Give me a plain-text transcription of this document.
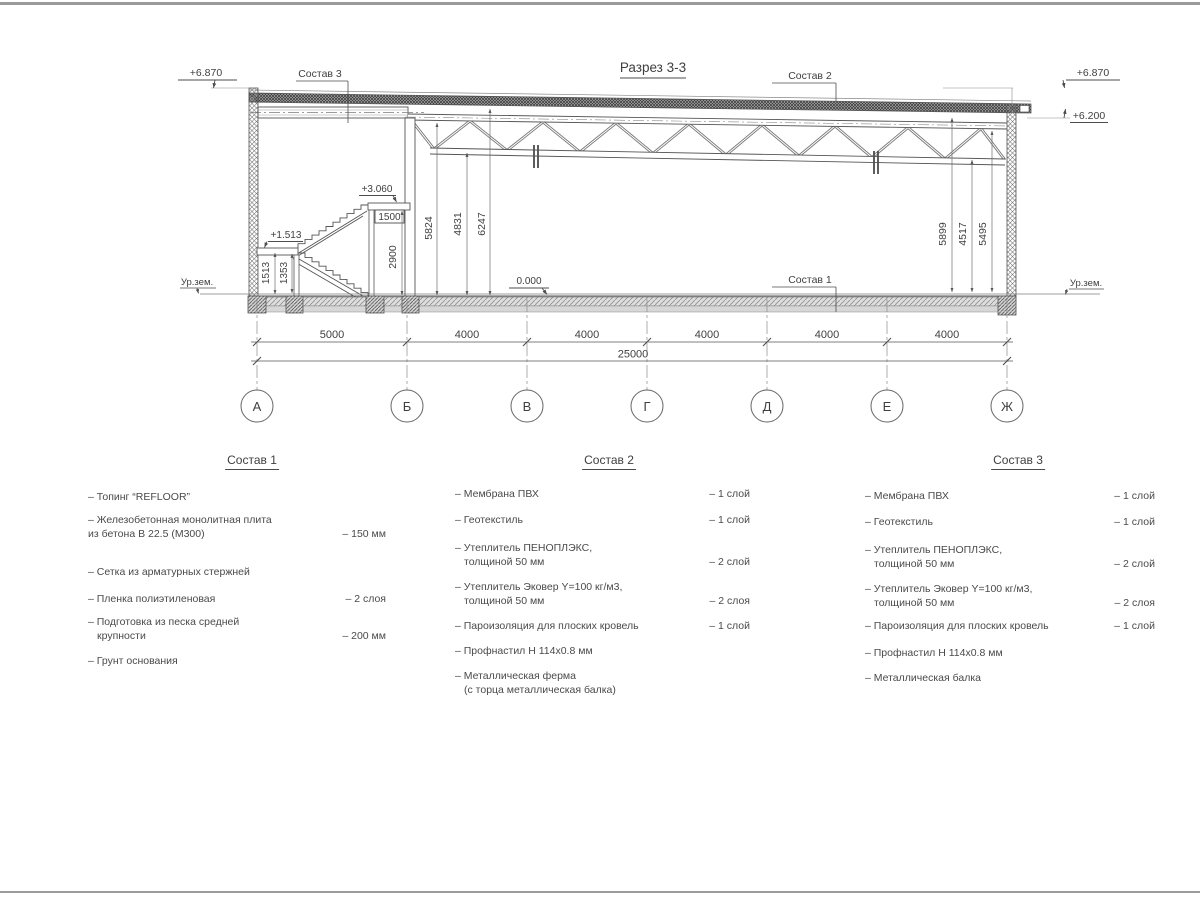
Разрез 3-3
+6.870	+6.870
+6.200
0.000
+3.060
+1.513
Ур.зем.	Ур.зем.
Состав 3	Состав 2
Состав 1
1500
1513 1353
2900
5824 4831 6247	5899 4517 5495
5000	4000	4000	4000	4000	4000
25000
А	Б	В	Г	Д	Е	Ж
Состав 1
– Топинг “REFLOOR”
– Железобетонная монолитная плита
из бетона В 22.5 (М300)	– 150 мм
– Сетка из арматурных стержней
– Пленка полиэтиленовая	– 2 слоя
– Подготовка из песка средней
крупности	– 200 мм
– Грунт основания
Состав 2
– Мембрана ПВХ	– 1 слой
– Геотекстиль	– 1 слой
– Утеплитель ПЕНОПЛЭКС,
толщиной 50 мм	– 2 слой
– Утеплитель Эковер Y=100 кг/м3,
толщиной 50 мм	– 2 слоя
– Пароизоляция для плоских кровель	– 1 слой
– Профнастил Н 114х0.8 мм
– Металлическая ферма
(с торца металлическая балка)
Состав 3
– Мембрана ПВХ	– 1 слой
– Геотекстиль	– 1 слой
– Утеплитель ПЕНОПЛЭКС,
толщиной 50 мм	– 2 слой
– Утеплитель Эковер Y=100 кг/м3,
толщиной 50 мм	– 2 слоя
– Пароизоляция для плоских кровель	– 1 слой
– Профнастил Н 114х0.8 мм
– Металлическая балка
